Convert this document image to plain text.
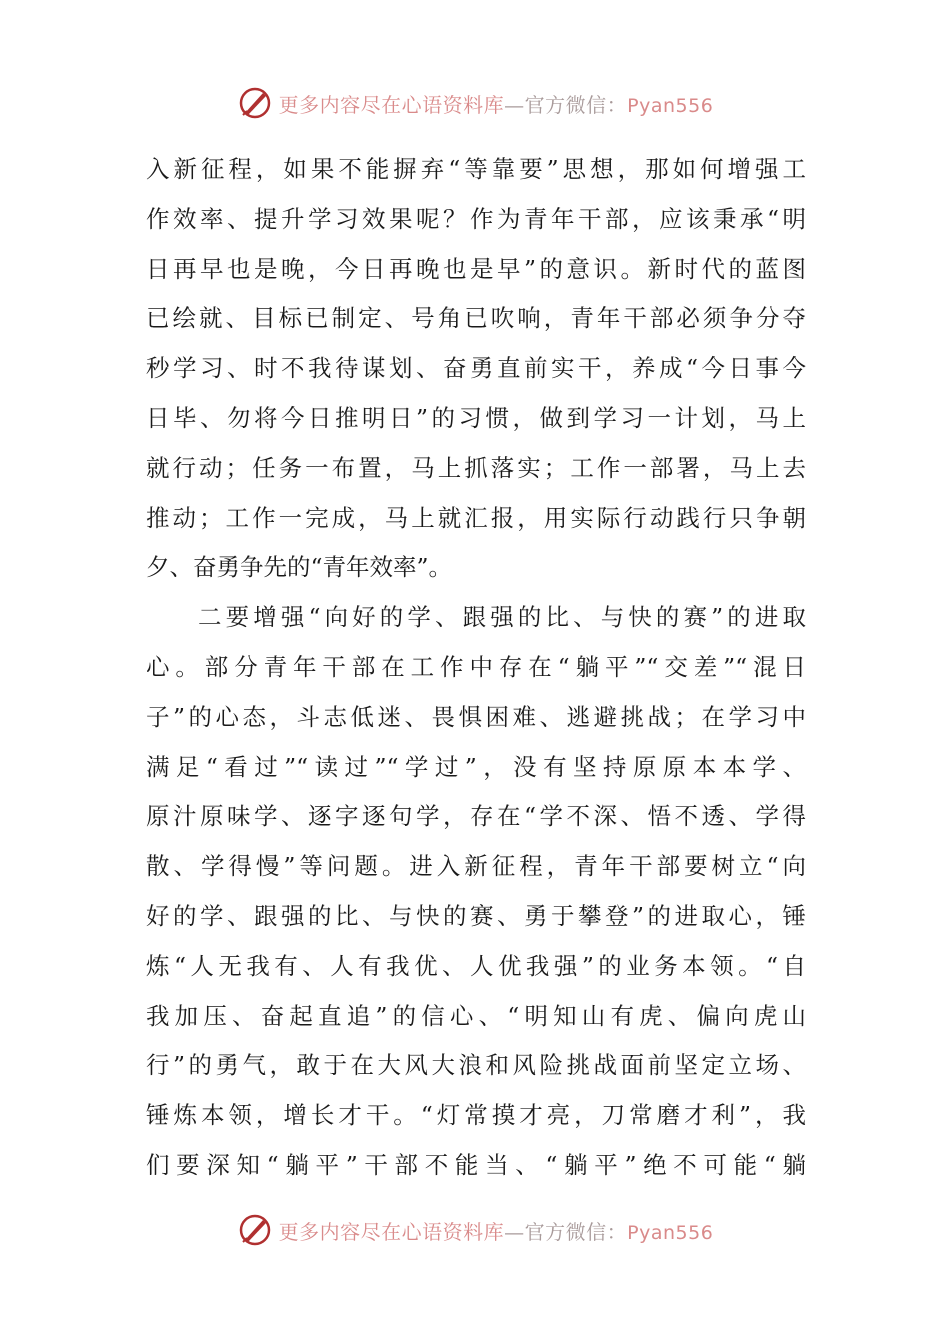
更多内容尽在心语资料库—官方微信：Pyan556
入新征程，如果不能摒弃“等靠要”思想，那如何增强工
作效率、提升学习效果呢？作为青年干部，应该秉承“明
日再早也是晚，今日再晚也是早”的意识。新时代的蓝图
已绘就、目标已制定、号角已吹响，青年干部必须争分夺
秒学习、时不我待谋划、奋勇直前实干，养成“今日事今
日毕、勿将今日推明日”的习惯，做到学习一计划，马上
就行动；任务一布置，马上抓落实；工作一部署，马上去
推动；工作一完成，马上就汇报，用实际行动践行只争朝
夕、奋勇争先的“青年效率”。
二要增强“向好的学、跟强的比、与快的赛”的进取
心。部分青年干部在工作中存在“躺平”“交差”“混日
子”的心态，斗志低迷、畏惧困难、逃避挑战；在学习中
满足“看过”“读过”“学过”，没有坚持原原本本学、
原汁原味学、逐字逐句学，存在“学不深、悟不透、学得
散、学得慢”等问题。进入新征程，青年干部要树立“向
好的学、跟强的比、与快的赛、勇于攀登”的进取心，锤
炼“人无我有、人有我优、人优我强”的业务本领。“自
我加压、奋起直追”的信心、“明知山有虎、偏向虎山
行”的勇气，敢于在大风大浪和风险挑战面前坚定立场、
锤炼本领，增长才干。“灯常摸才亮，刀常磨才利”，我
们要深知“躺平”干部不能当、“躺平”绝不可能“躺
更多内容尽在心语资料库—官方微信：Pyan556
